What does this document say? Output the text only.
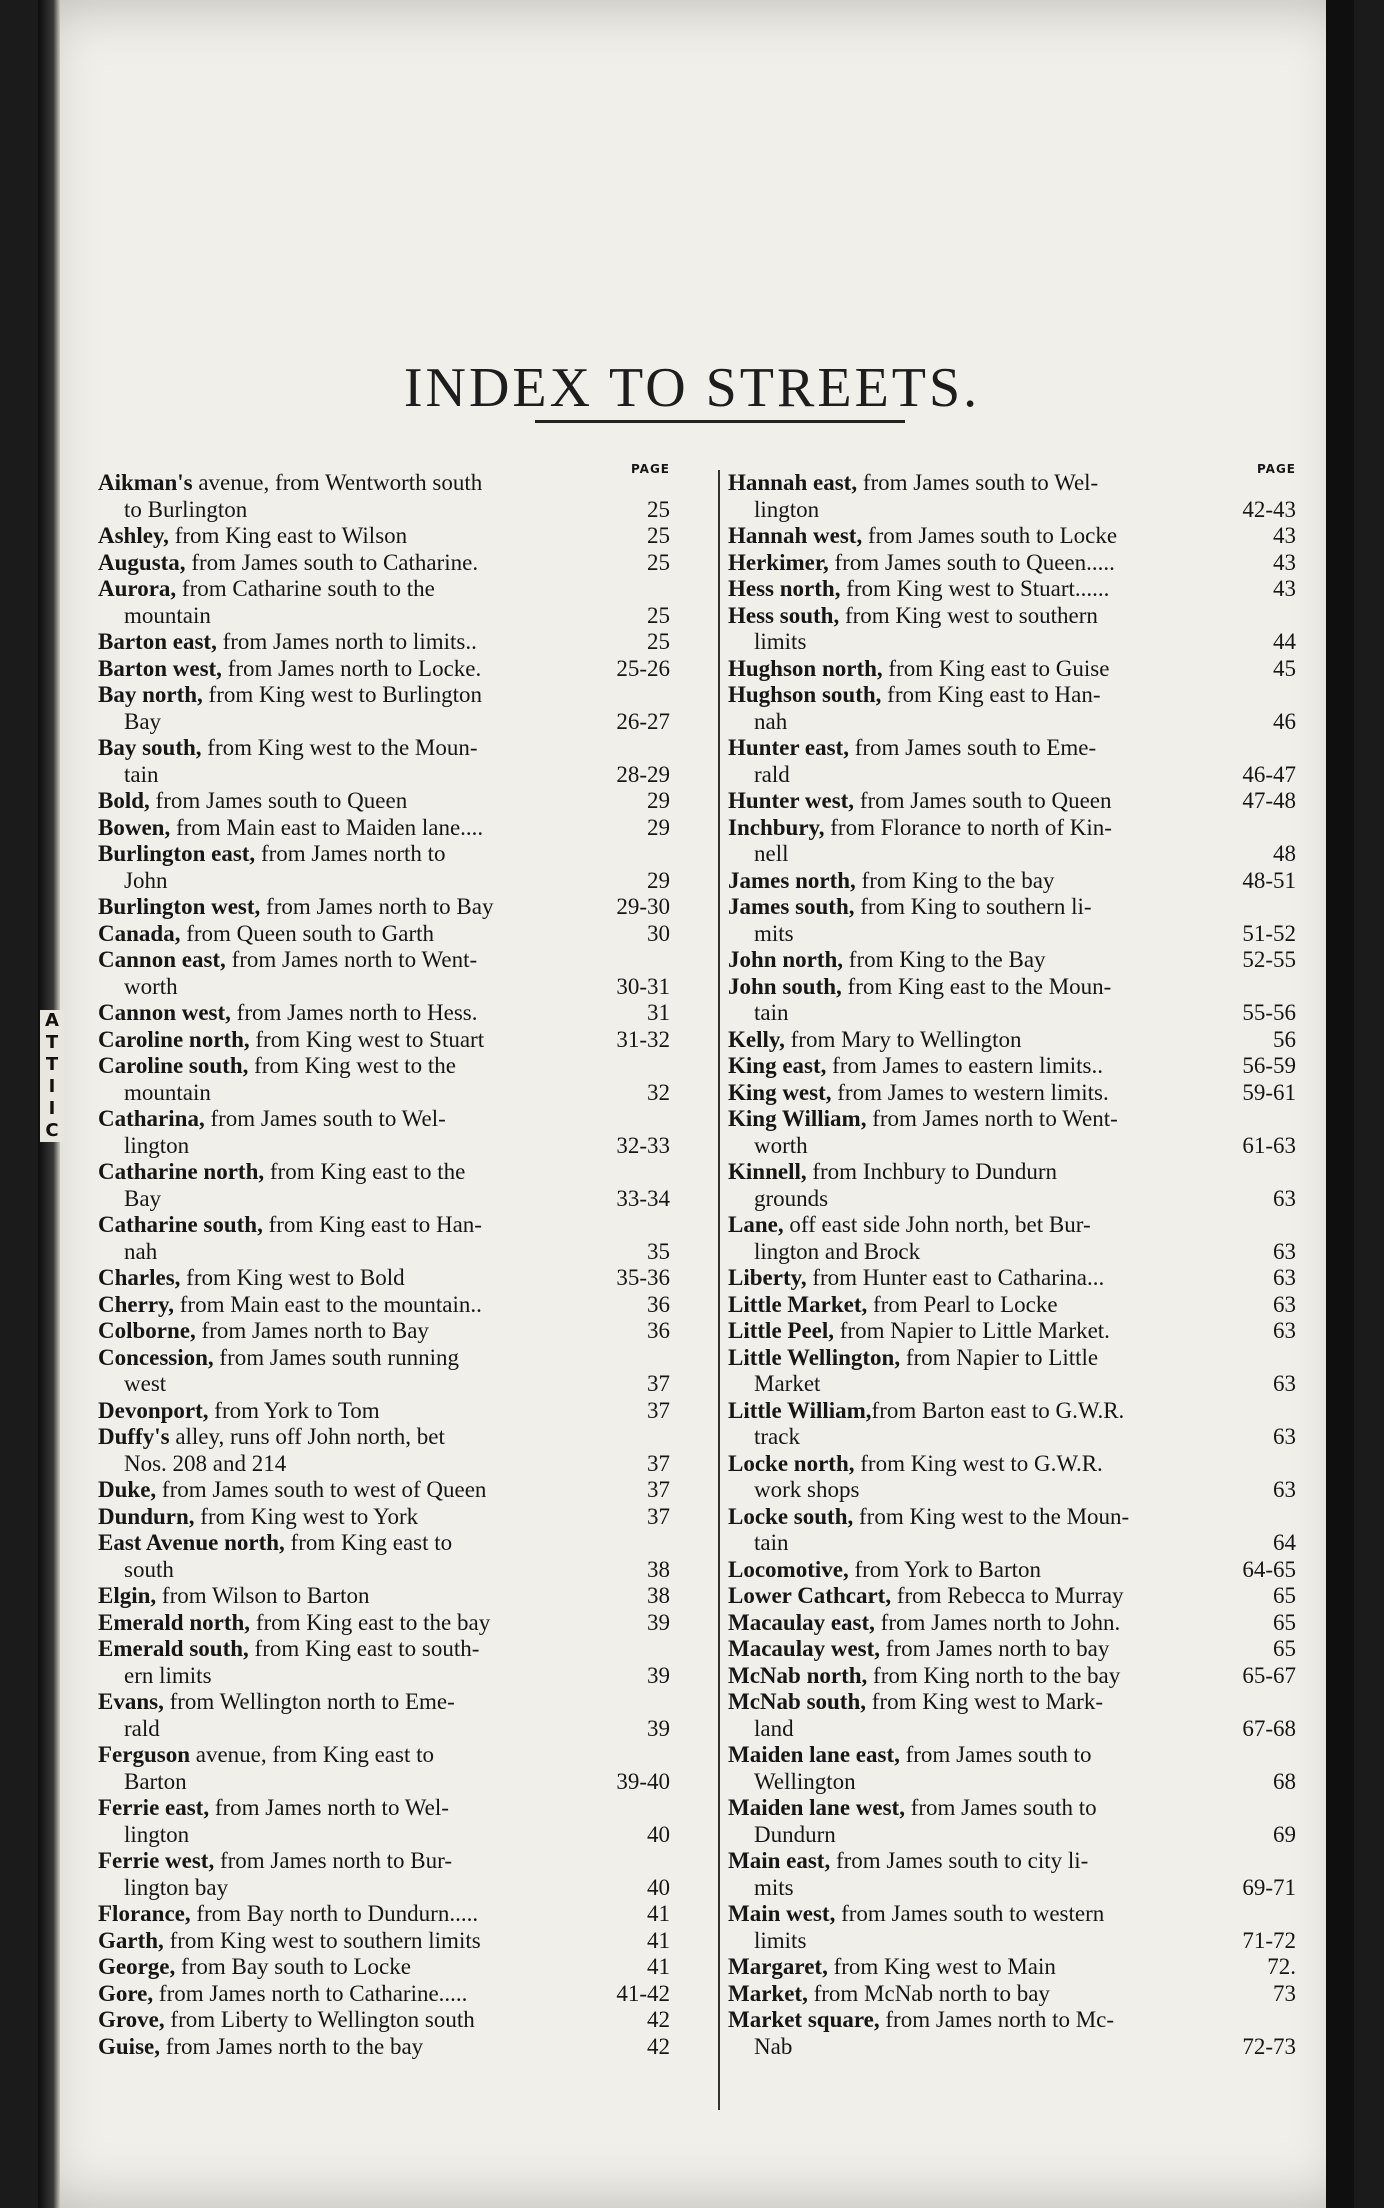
A
T
T
I
I
C
INDEX TO STREETS.
PAGE
Aikman's avenue, from Wentworth south
to Burlington	25
Ashley, from King east to Wilson	25
Augusta, from James south to Catharine.	25
Aurora, from Catharine south to the
mountain	25
Barton east, from James north to limits..	25
Barton west, from James north to Locke.	25-26
Bay north, from King west to Burlington
Bay	26-27
Bay south, from King west to the Moun-
tain	28-29
Bold, from James south to Queen	29
Bowen, from Main east to Maiden lane....	29
Burlington east, from James north to
John	29
Burlington west, from James north to Bay	29-30
Canada, from Queen south to Garth	30
Cannon east, from James north to Went-
worth	30-31
Cannon west, from James north to Hess.	31
Caroline north, from King west to Stuart	31-32
Caroline south, from King west to the
mountain	32
Catharina, from James south to Wel-
lington	32-33
Catharine north, from King east to the
Bay	33-34
Catharine south, from King east to Han-
nah	35
Charles, from King west to Bold	35-36
Cherry, from Main east to the mountain..	36
Colborne, from James north to Bay	36
Concession, from James south running
west	37
Devonport, from York to Tom	37
Duffy's alley, runs off John north, bet
Nos. 208 and 214	37
Duke, from James south to west of Queen	37
Dundurn, from King west to York	37
East Avenue north, from King east to
south	38
Elgin, from Wilson to Barton	38
Emerald north, from King east to the bay	39
Emerald south, from King east to south-
ern limits	39
Evans, from Wellington north to Eme-
rald	39
Ferguson avenue, from King east to
Barton	39-40
Ferrie east, from James north to Wel-
lington	40
Ferrie west, from James north to Bur-
lington bay	40
Florance, from Bay north to Dundurn.....	41
Garth, from King west to southern limits	41
George, from Bay south to Locke	41
Gore, from James north to Catharine.....	41-42
Grove, from Liberty to Wellington south	42
Guise, from James north to the bay	42
PAGE
Hannah east, from James south to Wel-
lington	42-43
Hannah west, from James south to Locke	43
Herkimer, from James south to Queen.....	43
Hess north, from King west to Stuart......	43
Hess south, from King west to southern
limits	44
Hughson north, from King east to Guise	45
Hughson south, from King east to Han-
nah	46
Hunter east, from James south to Eme-
rald	46-47
Hunter west, from James south to Queen	47-48
Inchbury, from Florance to north of Kin-
nell	48
James north, from King to the bay	48-51
James south, from King to southern li-
mits	51-52
John north, from King to the Bay	52-55
John south, from King east to the Moun-
tain	55-56
Kelly, from Mary to Wellington	56
King east, from James to eastern limits..	56-59
King west, from James to western limits.	59-61
King William, from James north to Went-
worth	61-63
Kinnell, from Inchbury to Dundurn
grounds	63
Lane, off east side John north, bet Bur-
lington and Brock	63
Liberty, from Hunter east to Catharina...	63
Little Market, from Pearl to Locke	63
Little Peel, from Napier to Little Market.	63
Little Wellington, from Napier to Little
Market	63
Little William,from Barton east to G.W.R.
track	63
Locke north, from King west to G.W.R.
work shops	63
Locke south, from King west to the Moun-
tain	64
Locomotive, from York to Barton	64-65
Lower Cathcart, from Rebecca to Murray	65
Macaulay east, from James north to John.	65
Macaulay west, from James north to bay	65
McNab north, from King north to the bay	65-67
McNab south, from King west to Mark-
land	67-68
Maiden lane east, from James south to
Wellington	68
Maiden lane west, from James south to
Dundurn	69
Main east, from James south to city li-
mits	69-71
Main west, from James south to western
limits	71-72
Margaret, from King west to Main	72.
Market, from McNab north to bay	73
Market square, from James north to Mc-
Nab	72-73
